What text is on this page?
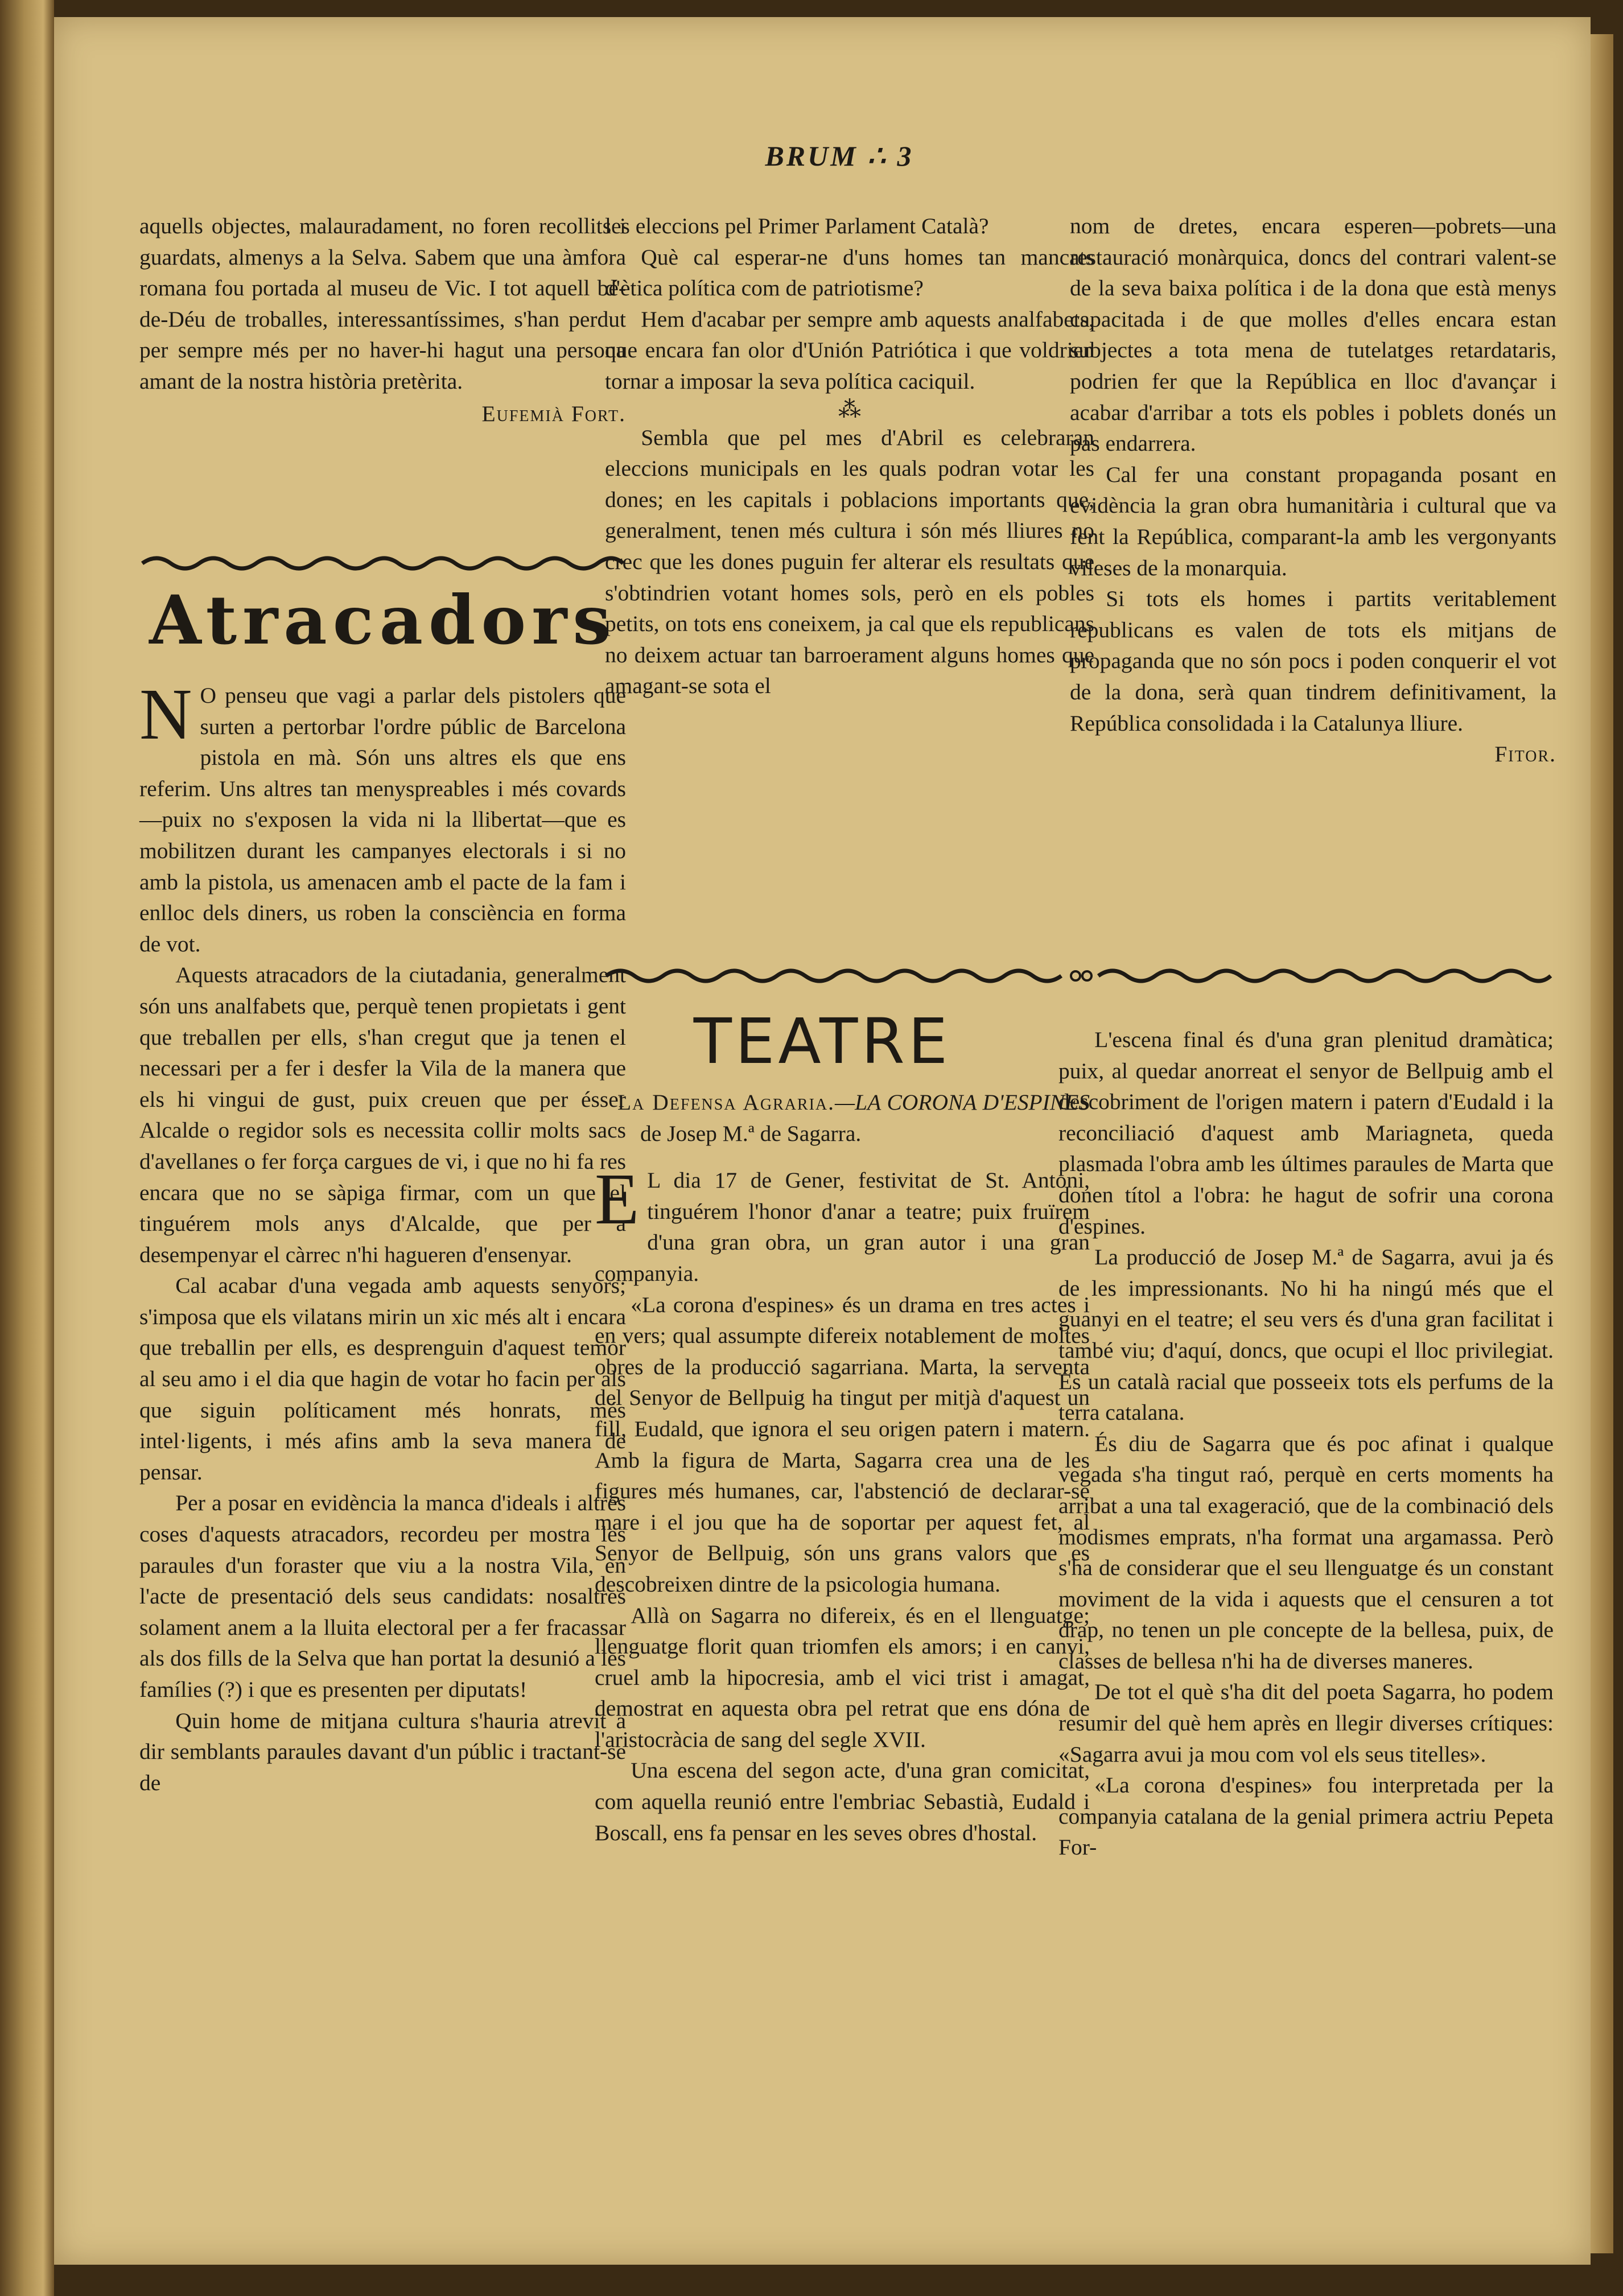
BRUM ∴ 3

aquells objectes, malauradament, no foren recollits i guardats, almenys a la Selva. Sabem que una àmfora romana fou portada al museu de Vic. I tot aquell bé-de-Déu de troballes, interessantíssimes, s'han perdut per sempre més per no haver-hi hagut una persona amant de la nostra història pretèrita.

Eufemià Fort.

Atracadors

N O penseu que vagi a parlar dels pistolers que surten a pertorbar l'ordre públic de Barcelona pistola en mà. Són uns altres els que ens referim. Uns altres tan menyspreables i més covards—puix no s'exposen la vida ni la llibertat—que es mobilitzen durant les campanyes electorals i si no amb la pistola, us amenacen amb el pacte de la fam i enlloc dels diners, us roben la consciència en forma de vot.

Aquests atracadors de la ciutadania, generalment són uns analfabets que, perquè tenen propietats i gent que treballen per ells, s'han cregut que ja tenen el necessari per a fer i desfer la Vila de la manera que els hi vingui de gust, puix creuen que per ésser Alcalde o regidor sols es necessita collir molts sacs d'avellanes o fer força cargues de vi, i que no hi fa res encara que no se sàpiga firmar, com un que el tinguérem mols anys d'Alcalde, que per a desempenyar el càrrec n'hi hagueren d'ensenyar.

Cal acabar d'una vegada amb aquests senyors; s'imposa que els vilatans mirin un xic més alt i encara que treballin per ells, es desprenguin d'aquest temor al seu amo i el dia que hagin de votar ho facin per als que siguin políticament més honrats, més intel·ligents, i més afins amb la seva manera de pensar.

Per a posar en evidència la manca d'ideals i altres coses d'aquests atracadors, recordeu per mostra les paraules d'un foraster que viu a la nostra Vila, en l'acte de presentació dels seus candidats: nosaltres solament anem a la lluita electoral per a fer fracassar als dos fills de la Selva que han portat la desunió a les famílies (?) i que es presenten per diputats!

Quin home de mitjana cultura s'hauria atrevit a dir semblants paraules davant d'un públic i tractant-se de

les eleccions pel Primer Parlament Català?

Què cal esperar-ne d'uns homes tan mancats d'ètica política com de patriotisme?

Hem d'acabar per sempre amb aquests analfabets, que encara fan olor d'Unión Patriótica i que voldrien tornar a imposar la seva política caciquil.

⁂

Sembla que pel mes d'Abril es celebraran eleccions municipals en les quals podran votar les dones; en les capitals i poblacions importants que, generalment, tenen més cultura i són més lliures no crec que les dones puguin fer alterar els resultats que s'obtindrien votant homes sols, però en els pobles petits, on tots ens coneixem, ja cal que els republicans no deixem actuar tan barroerament alguns homes que amagant-se sota el

nom de dretes, encara esperen—pobrets—una restauració monàrquica, doncs del contrari valent-se de la seva baixa política i de la dona que està menys capacitada i de que molles d'elles encara estan subjectes a tota mena de tutelatges retardataris, podrien fer que la República en lloc d'avançar i acabar d'arribar a tots els pobles i poblets donés un pas endarrera.

Cal fer una constant propaganda posant en evidència la gran obra humanitària i cultural que va fent la República, comparant-la amb les vergonyants vileses de la monarquia.

Si tots els homes i partits veritablement republicans es valen de tots els mitjans de propaganda que no són pocs i poden conquerir el vot de la dona, serà quan tindrem definitivament, la República consolidada i la Catalunya lliure.

Fitor.

TEATRE

La Defensa Agraria.—LA CORONA D'ESPINES de Josep M.ª de Sagarra.

E L dia 17 de Gener, festivitat de St. Antoni, tinguérem l'honor d'anar a teatre; puix fruïrem d'una gran obra, un gran autor i una gran companyia.

«La corona d'espines» és un drama en tres actes i en vers; qual assumpte difereix notablement de moltes obres de la producció sagarriana. Marta, la serventa del Senyor de Bellpuig ha tingut per mitjà d'aquest un fill, Eudald, que ignora el seu origen patern i matern. Amb la figura de Marta, Sagarra crea una de les figures més humanes, car, l'abstenció de declarar-se mare i el jou que ha de soportar per aquest fet, al Senyor de Bellpuig, són uns grans valors que es descobreixen dintre de la psicologia humana.

Allà on Sagarra no difereix, és en el llenguatge; llenguatge florit quan triomfen els amors; i en canvi, cruel amb la hipocresia, amb el vici trist i amagat, demostrat en aquesta obra pel retrat que ens dóna de l'aristocràcia de sang del segle XVII.

Una escena del segon acte, d'una gran comicitat, com aquella reunió entre l'embriac Sebastià, Eudald i Boscall, ens fa pensar en les seves obres d'hostal.

L'escena final és d'una gran plenitud dramàtica; puix, al quedar anorreat el senyor de Bellpuig amb el descobriment de l'origen matern i patern d'Eudald i la reconciliació d'aquest amb Mariagneta, queda plasmada l'obra amb les últimes paraules de Marta que donen títol a l'obra: he hagut de sofrir una corona d'espines.

La producció de Josep M.ª de Sagarra, avui ja és de les impressionants. No hi ha ningú més que el guanyi en el teatre; el seu vers és d'una gran facilitat i també viu; d'aquí, doncs, que ocupi el lloc privilegiat. És un català racial que posseeix tots els perfums de la terra catalana.

És diu de Sagarra que és poc afinat i qualque vegada s'ha tingut raó, perquè en certs moments ha arribat a una tal exageració, que de la combinació dels modismes emprats, n'ha format una argamassa. Però s'ha de considerar que el seu llenguatge és un constant moviment de la vida i aquests que el censuren a tot drap, no tenen un ple concepte de la bellesa, puix, de classes de bellesa n'hi ha de diverses maneres.

De tot el què s'ha dit del poeta Sagarra, ho podem resumir del què hem après en llegir diverses crítiques: «Sagarra avui ja mou com vol els seus titelles».

«La corona d'espines» fou interpretada per la companyia catalana de la genial primera actriu Pepeta For-
